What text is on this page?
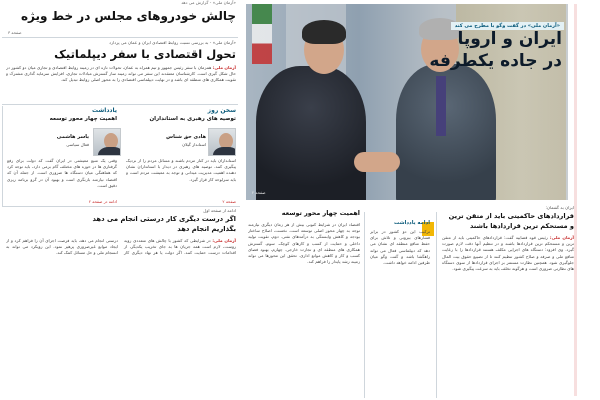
«آرمان ملی» - گزارش می دهد
چالش خودروهای مجلس در خط ویژه
صفحه ۳
«آرمان ملی» - به بررسی نسبت روابط اقتصادی ایران و عمان می پردازد
تحول اقتصادی با سفر دیپلماتیک
آرمان ملی: همزمان با سفر رئیس جمهور و تیم همراه به عمان، تحولات تازه ای در زمینه روابط اقتصادی و تجاری میان دو کشور در حال شکل گیری است. کارشناسان معتقدند این سفر می تواند زمینه ساز گسترش مبادلات تجاری، افزایش سرمایه گذاری مشترک و تقویت همکاری های منطقه ای باشد و در نهایت دیپلماسی اقتصادی را به محور اصلی روابط تبدیل کند.
یادداشت
اهمیت چهار محور توسعه
یاسر هاشمی
فعال سیاسی
وقتی یک منبع معیشتی در ایران گفت که دولت برای رفع گرفتاری ها در حوزه های مختلف گام برمی دارد، باید توجه کرد که هماهنگی میان دستگاه ها ضروری است. از جمله آن که اقتصاد نیازمند بازنگری است و بهبود آن در گرو برنامه ریزی دقیق است.
ادامه در صفحه ۲
سخن روز
توصیه های رهبری به استانداران
هادی حق شناس
استاندار گیلان
استانداران باید در کنار مردم باشند و مسائل مردم را از نزدیک پیگیری کنند. توصیه های رهبری در دیدار با استانداران نشان دهنده اهمیت مدیریت میدانی و توجه به معیشت مردم است و باید سرلوحه کار قرار گیرد.
صفحه ۲
«آرمان ملی» در گفت وگو با مطرح می کند
ایران و اروپا
در جاده یکطرفه
صفحه ۲
ایران به گفتمان:
قراردادهای حاکمیتی باید از متقن ترین
و مستحکم ترین قراردادها باشند
آرمان ملی: رئیس قوه قضاییه گفت: قراردادهای حاکمیتی باید از متقن ترین و مستحکم ترین قراردادها باشند و در تنظیم آنها دقت لازم صورت گیرد. وی افزود: دستگاه های اجرایی مکلف هستند قراردادها را با رعایت منافع ملی و صرفه و صلاح کشور تنظیم کنند تا از تضییع حقوق بیت المال جلوگیری شود. همچنین نظارت مستمر بر اجرای قراردادها از سوی دستگاه های نظارتی ضروری است و هرگونه تخلف باید به سرعت پیگیری شود.
ادامه یادداشت
ترکیب این دو کشور در برابر فشارهای بیرونی و تلاش برای حفظ منافع منطقه ای نشان می دهد که دیپلماسی فعال می تواند راهگشا باشد و گفت وگو میان طرفین ادامه خواهد داشت.
اهمیت چهار محور توسعه
اقتصاد ایران در شرایط کنونی بیش از هر زمان دیگری نیازمند توجه به چهار محور اصلی توسعه است. نخست، اصلاح ساختار بودجه و کاهش وابستگی به درآمدهای نفتی. دوم، تقویت تولید داخلی و حمایت از کسب و کارهای کوچک. سوم، گسترش همکاری های منطقه ای و تجارت خارجی. چهارم، بهبود فضای کسب و کار و کاهش موانع اداری. تحقق این محورها می تواند زمینه رشد پایدار را فراهم کند.
ادامه از صفحه اول
اگر درست دیگری کار درستی انجام می دهد
بگذاریم انجام دهد
آرمان ملی: در شرایطی که کشور با چالش های متعددی روبه روست، لازم است همه جریان ها به جای تخریب یکدیگر، از اقدامات درست حمایت کنند. اگر دولت یا هر نهاد دیگری کار درستی انجام می دهد، باید فرصت اجرای آن را فراهم کرد و از ایجاد موانع غیرضروری پرهیز نمود. این رویکرد می تواند به انسجام ملی و حل مسائل کمک کند.
